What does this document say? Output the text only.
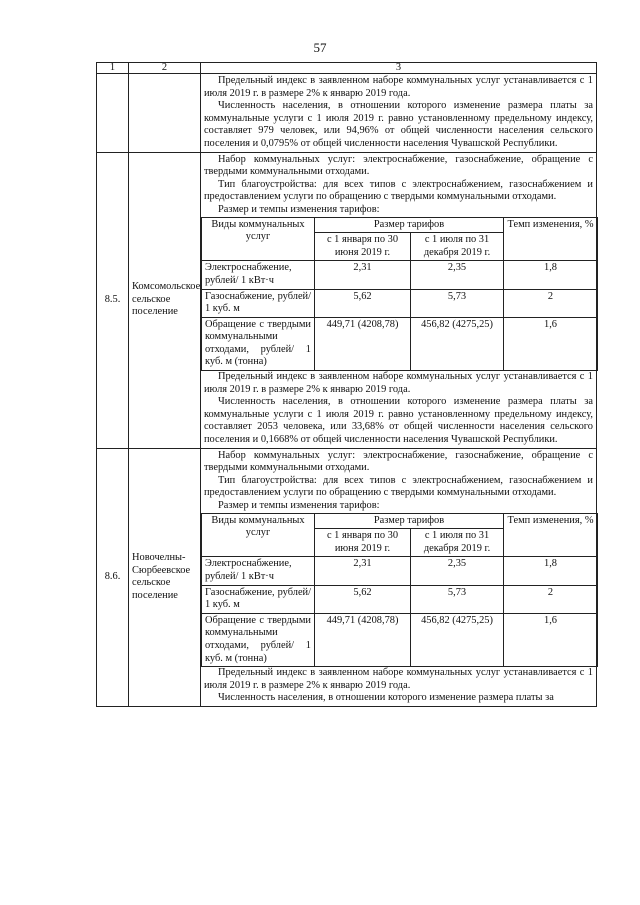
57
1	2	3

Предельный индекс в заявленном наборе коммунальных услуг устанавливается с 1 июля 2019 г. в размере 2% к январю 2019 года.

Численность населения, в отношении которого изменение размера платы за коммунальные услуги с 1 июля 2019 г. равно установленному предельному индексу, составляет 979 человек, или 94,96% от общей численности населения сельского поселения и 0,0795% от общей численности населения Чувашской Республики.

8.5.	Комсомольское сельское поселение	

Набор коммунальных услуг: электроснабжение, газоснабжение, обращение с твердыми коммунальными отходами.

Тип благоустройства: для всех типов с электроснабжением, газоснабжением и предоставлением услуги по обращению с твердыми коммунальными отходами.

Размер и темпы изменения тарифов:

Виды коммунальных услуг	Размер тарифов	Темп изменения, %
с 1 января по 30 июня 2019 г.	с 1 июля по 31 декабря 2019 г.
Электроснабжение, рублей/ 1 кВт·ч	2,31	2,35	1,8
Газоснабжение, рублей/ 1 куб. м	5,62	5,73	2
Обращение с твердыми коммунальными отходами, рублей/ 1 куб. м (тонна)	449,71 (4208,78)	456,82 (4275,25)	1,6

Предельный индекс в заявленном наборе коммунальных услуг устанавливается с 1 июля 2019 г. в размере 2% к январю 2019 года.

Численность населения, в отношении которого изменение размера платы за коммунальные услуги с 1 июля 2019 г. равно установленному предельному индексу, составляет 2053 человека, или 33,68% от общей численности населения сельского поселения и 0,1668% от общей численности населения Чувашской Республики.

8.6.	Новочелны-Сюрбеевское сельское поселение	

Набор коммунальных услуг: электроснабжение, газоснабжение, обращение с твердыми коммунальными отходами.

Тип благоустройства: для всех типов с электроснабжением, газоснабжением и предоставлением услуги по обращению с твердыми коммунальными отходами.

Размер и темпы изменения тарифов:

Виды коммунальных услуг	Размер тарифов	Темп изменения, %
с 1 января по 30 июня 2019 г.	с 1 июля по 31 декабря 2019 г.
Электроснабжение, рублей/ 1 кВт·ч	2,31	2,35	1,8
Газоснабжение, рублей/ 1 куб. м	5,62	5,73	2
Обращение с твердыми коммунальными отходами, рублей/ 1 куб. м (тонна)	449,71 (4208,78)	456,82 (4275,25)	1,6

Предельный индекс в заявленном наборе коммунальных услуг устанавливается с 1 июля 2019 г. в размере 2% к январю 2019 года.

Численность населения, в отношении которого изменение размера платы за
